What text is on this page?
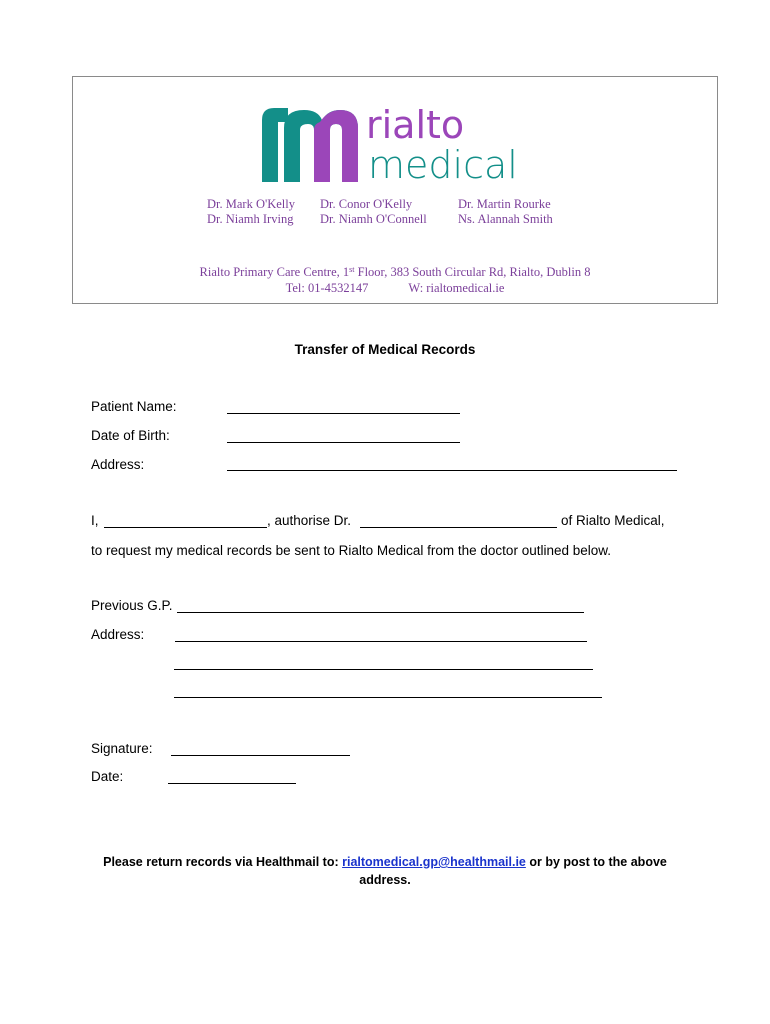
rialto
medical
Dr. Mark O'Kelly
Dr. Niamh Irving
Dr. Conor O'Kelly
Dr. Niamh O'Connell
Dr. Martin Rourke
Ns. Alannah Smith
Rialto Primary Care Centre, 1st Floor, 383 South Circular Rd, Rialto, Dublin 8
Tel: 01-4532147	W: rialtomedical.ie
Transfer of Medical Records
Patient Name:
Date of Birth:
Address:
I,	, authorise Dr.	of Rialto Medical,
to request my medical records be sent to Rialto Medical from the doctor outlined below.
Previous G.P.
Address:
Signature:
Date:
Please return records via Healthmail to: rialtomedical.gp@healthmail.ie or by post to the above address.
